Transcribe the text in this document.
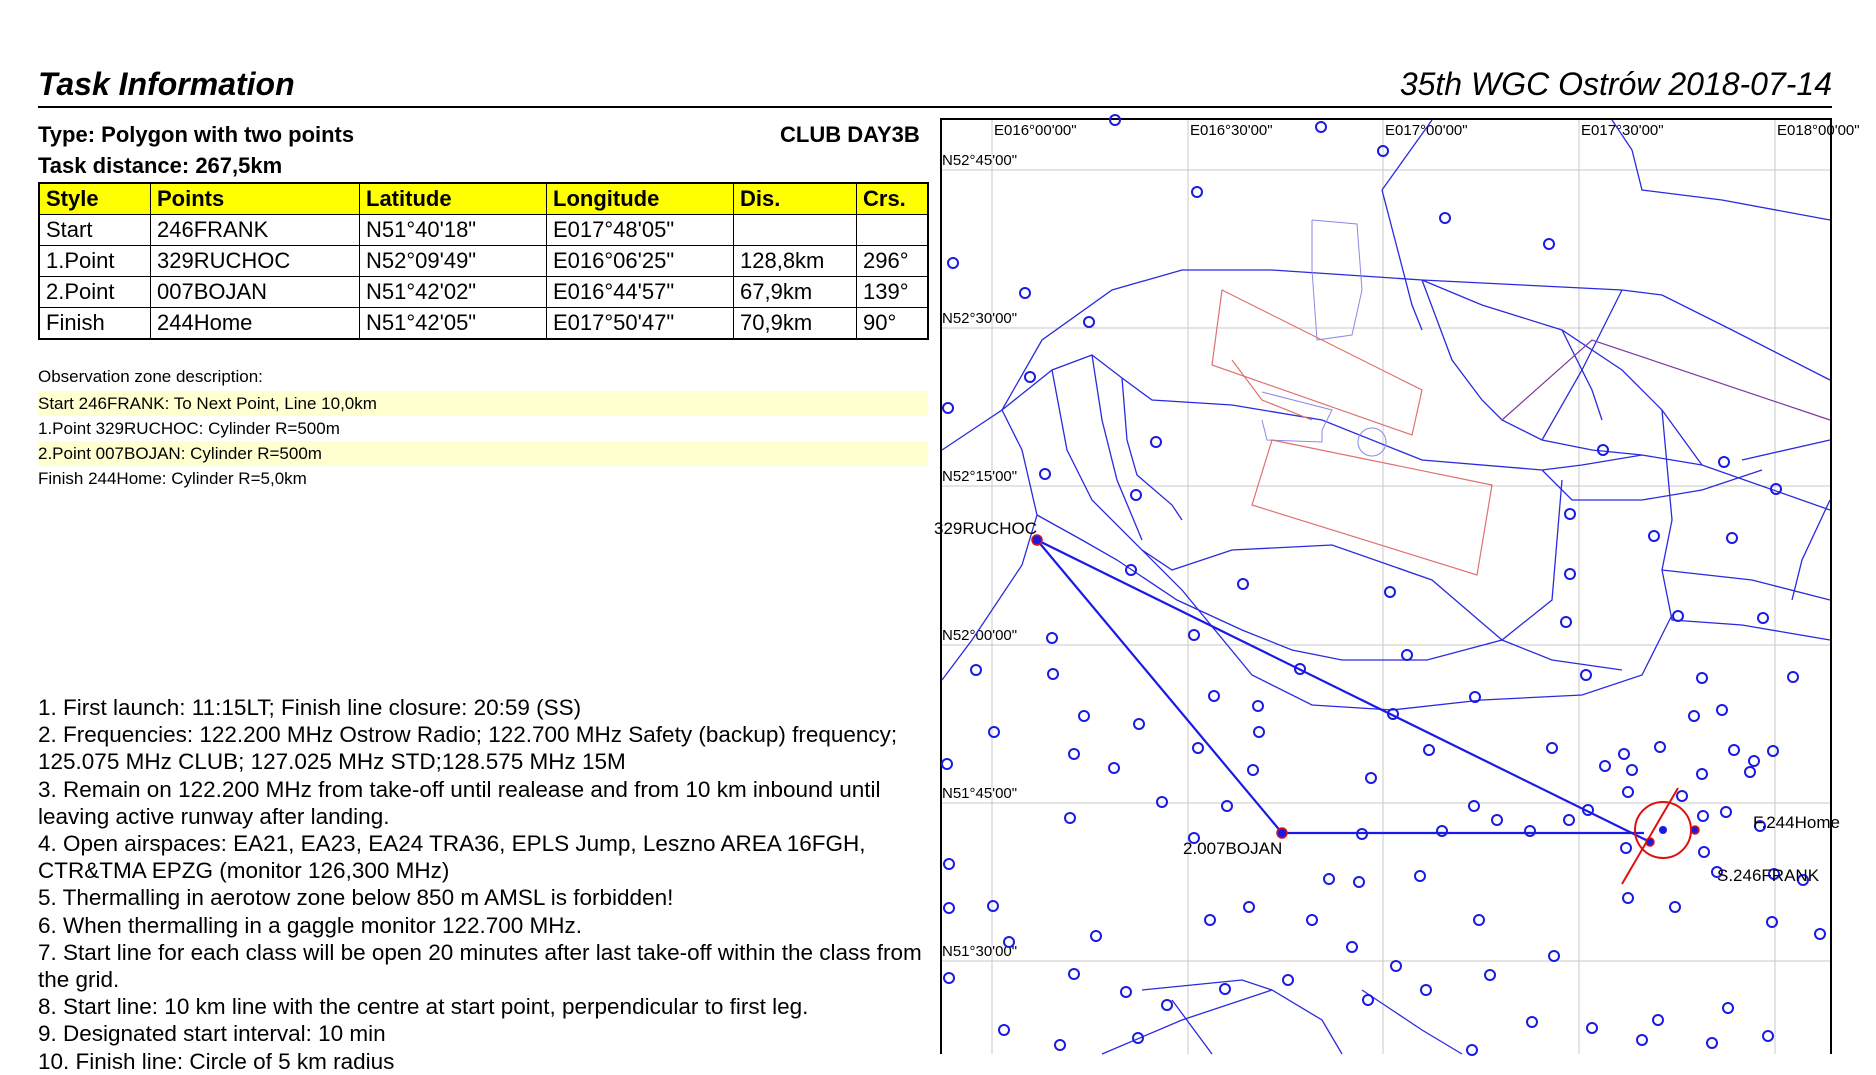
Task Information	35th WGC Ostrów 2018-07-14
Type: Polygon with two points
Task distance: 267,5km
CLUB DAY3B
Style	Points	Latitude	Longitude	Dis.	Crs.
Start	246FRANK	N51°40'18"	E017°48'05"		
1.Point	329RUCHOC	N52°09'49"	E016°06'25"	128,8km	296°
2.Point	007BOJAN	N51°42'02"	E016°44'57"	67,9km	139°
Finish	244Home	N51°42'05"	E017°50'47"	70,9km	90°
Observation zone description:
Start 246FRANK: To Next Point, Line 10,0km
1.Point 329RUCHOC: Cylinder R=500m
2.Point 007BOJAN: Cylinder R=500m
Finish 244Home: Cylinder R=5,0km

1. First launch: 11:15LT; Finish line closure: 20:59 (SS)

2. Frequencies: 122.200 MHz Ostrow Radio; 122.700 MHz Safety (backup) frequency; 125.075 MHz CLUB; 127.025 MHz STD;128.575 MHz 15M

3. Remain on 122.200 MHz from take-off until realease and from 10 km inbound until leaving active runway after landing.

4. Open airspaces: EA21, EA23, EA24 TRA36, EPLS Jump, Leszno AREA 16FGH, CTR&TMA EPZG (monitor 126,300 MHz)

5. Thermalling in aerotow zone below 850 m AMSL is forbidden!

6. When thermalling in a gaggle monitor 122.700 MHz.

7. Start line for each class will be open 20 minutes after last take-off within the class from the grid.

8. Start line: 10 km line with the centre at start point, perpendicular to first leg.

9. Designated start interval: 10 min

10. Finish line: Circle of 5 km radius

E016°00'00"	E016°30'00"	E017°00'00"	E017°30'00"	E018°00'00"
N52°45'00"
N52°30'00"
N52°15'00"
N52°00'00"
N51°45'00"
N51°30'00"
329RUCHOC
2.007BOJAN
F.244Home
S.246FRANK
